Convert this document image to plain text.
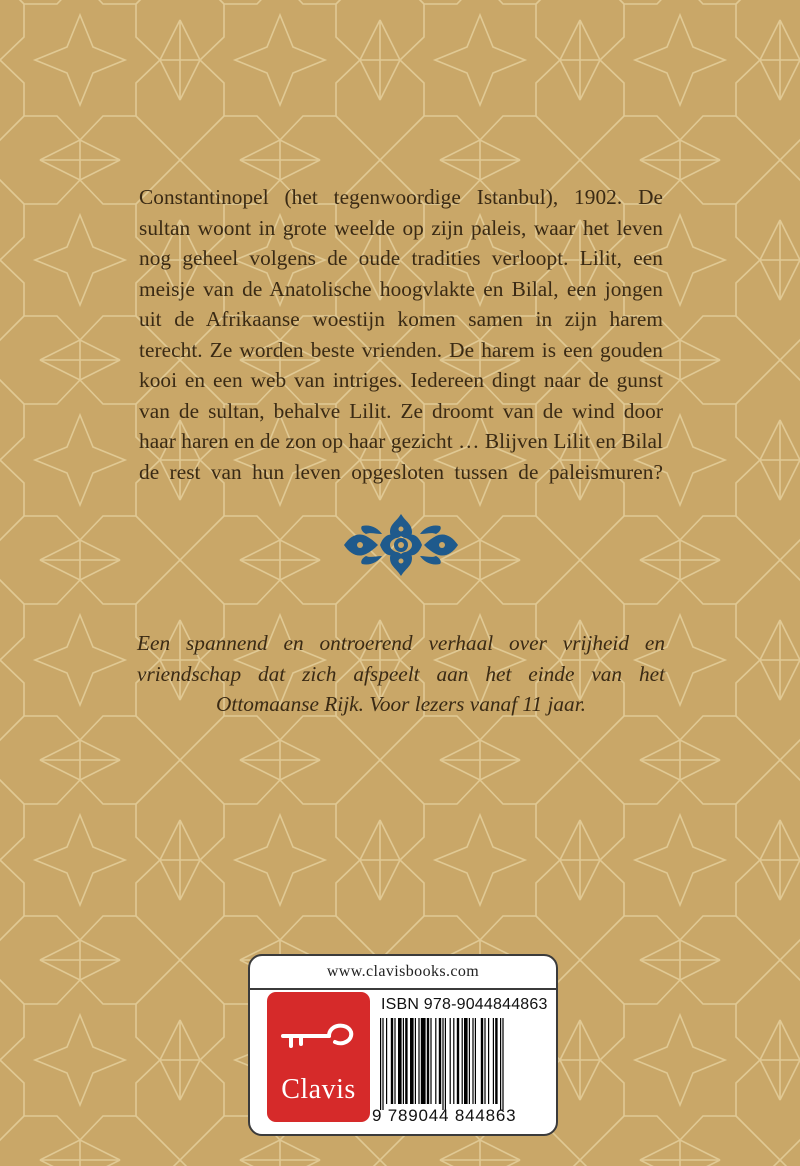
Constantinopel (het tegenwoordige Istanbul), 1902. De
sultan woont in grote weelde op zijn paleis, waar het leven
nog geheel volgens de oude tradities verloopt. Lilit, een
meisje van de Anatolische hoogvlakte en Bilal, een jongen
uit de Afrikaanse woestijn komen samen in zijn harem
terecht. Ze worden beste vrienden. De harem is een gouden
kooi en een web van intriges. Iedereen dingt naar de gunst
van de sultan, behalve Lilit. Ze droomt van de wind door
haar haren en de zon op haar gezicht … Blijven Lilit en Bilal
de rest van hun leven opgesloten tussen de paleismuren?

Een spannend en ontroerend verhaal over vrijheid en
vriendschap dat zich afspeelt aan het einde van het
Ottomaanse Rijk. Voor lezers vanaf 11 jaar.

www.clavisbooks.com
Clavis
ISBN 978-9044844863
9 789044 844863
